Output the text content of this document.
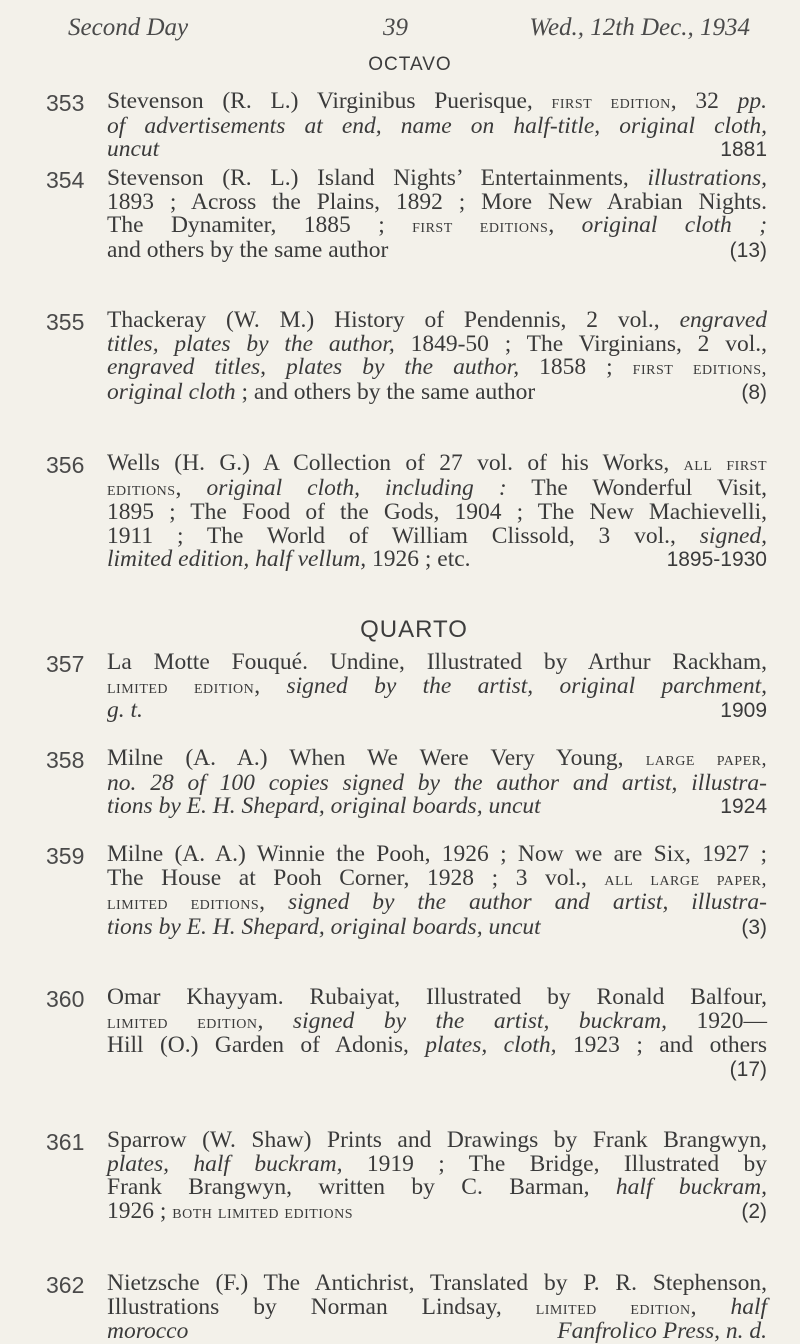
Second Day	39	Wed., 12th Dec., 1934
OCTAVO
QUARTO
353 Stevenson (R. L.) Virginibus Puerisque, first edition, 32 pp.
of advertisements at end, name on half-title, original cloth,
uncut	1881
354 Stevenson (R. L.) Island Nights’ Entertainments, illustrations,
1893 ; Across the Plains, 1892 ; More New Arabian Nights.
The Dynamiter, 1885 ; first editions, original cloth ;
and others by the same author	(13)
355 Thackeray (W. M.) History of Pendennis, 2 vol., engraved
titles, plates by the author, 1849-50 ; The Virginians, 2 vol.,
engraved titles, plates by the author, 1858 ; first editions,
original cloth ; and others by the same author	(8)
356 Wells (H. G.) A Collection of 27 vol. of his Works, all first
editions, original cloth, including : The Wonderful Visit,
1895 ; The Food of the Gods, 1904 ; The New Machievelli,
1911 ; The World of William Clissold, 3 vol., signed,
limited edition, half vellum, 1926 ; etc.	1895-1930
357 La Motte Fouqué. Undine, Illustrated by Arthur Rackham,
limited edition, signed by the artist, original parchment,
g. t.	1909
358 Milne (A. A.) When We Were Very Young, large paper,
no. 28 of 100 copies signed by the author and artist, illustra-
tions by E. H. Shepard, original boards, uncut	1924
359 Milne (A. A.) Winnie the Pooh, 1926 ; Now we are Six, 1927 ;
The House at Pooh Corner, 1928 ; 3 vol., all large paper,
limited editions, signed by the author and artist, illustra-
tions by E. H. Shepard, original boards, uncut	(3)
360 Omar Khayyam. Rubaiyat, Illustrated by Ronald Balfour,
limited edition, signed by the artist, buckram, 1920—
Hill (O.) Garden of Adonis, plates, cloth, 1923 ; and others
(17)
361 Sparrow (W. Shaw) Prints and Drawings by Frank Brangwyn,
plates, half buckram, 1919 ; The Bridge, Illustrated by
Frank Brangwyn, written by C. Barman, half buckram,
1926 ; both limited editions	(2)
362 Nietzsche (F.) The Antichrist, Translated by P. R. Stephenson,
Illustrations by Norman Lindsay, limited edition, half
morocco	Fanfrolico Press, n. d.
